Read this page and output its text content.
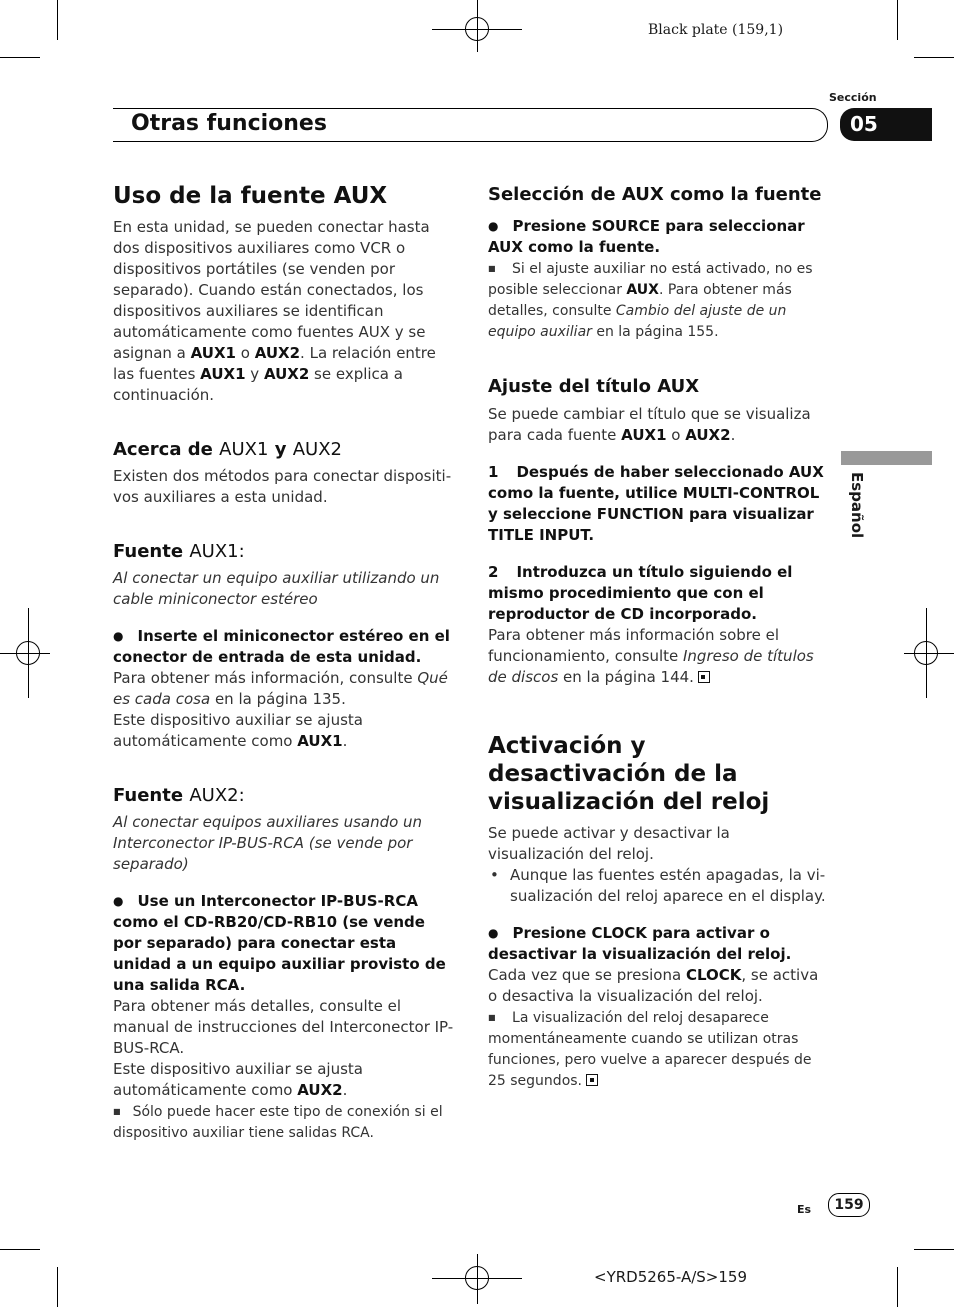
Black plate (159,1)
Sección
Otras funciones	05
Español
Uso de la fuente AUX

En esta unidad, se pueden conectar hasta dos dispositivos auxiliares como VCR o dispositivos portátiles (se venden por separado). Cuando están conectados, los dispositivos auxiliares se identifican automáticamente como fuentes AUX y se asignan a AUX1 o AUX2. La relación entre las fuentes AUX1 y AUX2 se explica a continuación.

Acerca de AUX1 y AUX2

Existen dos métodos para conectar dispositivos auxiliares a esta unidad.

Fuente AUX1:

Al conectar un equipo auxiliar utilizando un cable miniconector estéreo

● Inserte el miniconector estéreo en el conector de entrada de esta unidad.

Para obtener más información, consulte Qué es cada cosa en la página 135.

Este dispositivo auxiliar se ajusta automáticamente como AUX1.

Fuente AUX2:

Al conectar equipos auxiliares usando un Interconector IP-BUS-RCA (se vende por separado)

● Use un Interconector IP-BUS-RCA como el CD-RB20/CD-RB10 (se vende por separado) para conectar esta unidad a un equipo auxiliar provisto de una salida RCA.

Para obtener más detalles, consulte el manual de instrucciones del Interconector IP-BUS-RCA.

Este dispositivo auxiliar se ajusta automáticamente como AUX2.

■ Sólo puede hacer este tipo de conexión si el dispositivo auxiliar tiene salidas RCA.

Selección de AUX como la fuente

● Presione SOURCE para seleccionar AUX como la fuente.

■ Si el ajuste auxiliar no está activado, no es posible seleccionar AUX. Para obtener más detalles, consulte Cambio del ajuste de un equipo auxiliar en la página 155.

Ajuste del título AUX

Se puede cambiar el título que se visualiza para cada fuente AUX1 o AUX2.

1 Después de haber seleccionado AUX como la fuente, utilice MULTI-CONTROL y seleccione FUNCTION para visualizar TITLE INPUT.

2 Introduzca un título siguiendo el mismo procedimiento que con el reproductor de CD incorporado.

Para obtener más información sobre el funcionamiento, consulte Ingreso de títulos de discos en la página 144.

Activación y desactivación de la visualización del reloj

Se puede activar y desactivar la visualización del reloj.

• Aunque las fuentes estén apagadas, la visualización del reloj aparece en el display.

● Presione CLOCK para activar o desactivar la visualización del reloj.

Cada vez que se presiona CLOCK, se activa o desactiva la visualización del reloj.

■ La visualización del reloj desaparece momentáneamente cuando se utilizan otras funciones, pero vuelve a aparecer después de 25 segundos.

Es	159
<YRD5265-A/S>159
